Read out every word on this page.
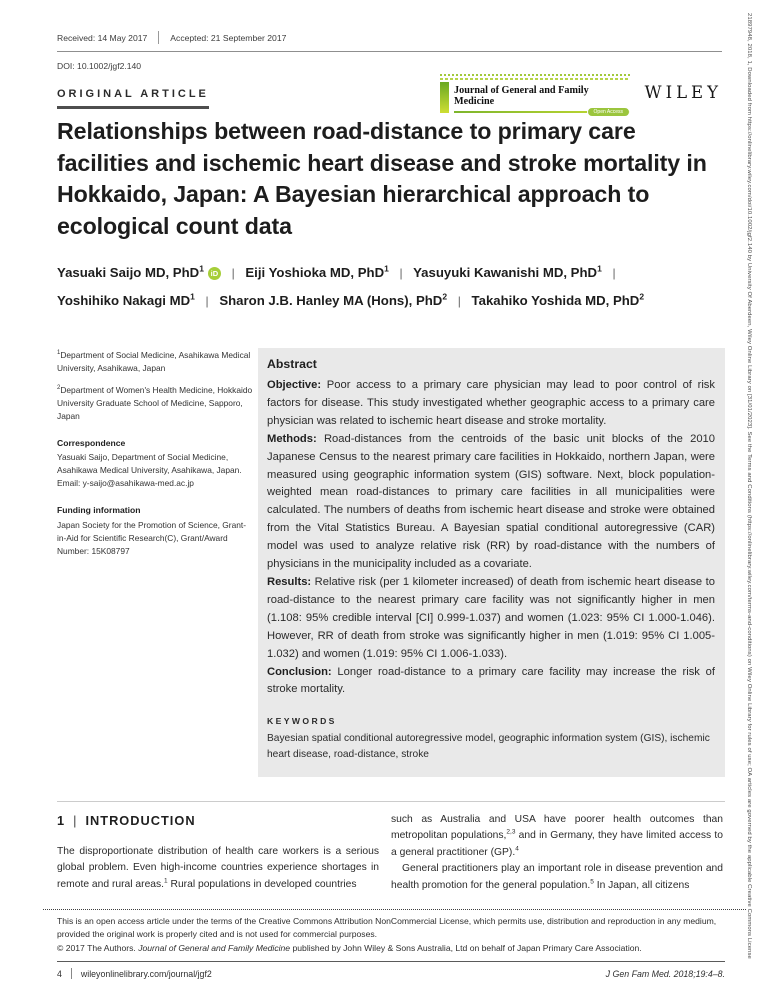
Received: 14 May 2017	Accepted: 21 September 2017
DOI: 10.1002/jgf2.140
ORIGINAL ARTICLE	Journal of General and Family Medicine
Open Access
WILEY
Relationships between road-distance to primary care facilities and ischemic heart disease and stroke mortality in Hokkaido, Japan: A Bayesian hierarchical approach to ecological count data
Yasuaki Saijo MD, PhD$^1$ iD | Eiji Yoshioka MD, PhD$^1$ | Yasuyuki Kawanishi MD, PhD$^1$ |
Yoshihiko Nakagi $MD^1$ | Sharon J.B. Hanley MA (Hons), PhD$^2$ | Takahiko Yoshida MD, PhD$^2$

$^1$Department of Social Medicine, Asahikawa Medical University, Asahikawa, Japan

$^2$Department of Women's Health Medicine, Hokkaido University Graduate School of Medicine, Sapporo, Japan

Correspondence

Yasuaki Saijo, Department of Social Medicine, Asahikawa Medical University, Asahikawa, Japan.

Email: y-saijo@asahikawa-med.ac.jp

Funding information

Japan Society for the Promotion of Science, Grant-in-Aid for Scientific Research(C), Grant/Award Number: 15K08797

Abstract

Objective: Poor access to a primary care physician may lead to poor control of risk factors for disease. This study investigated whether geographic access to a primary care physician was related to ischemic heart disease and stroke mortality.

Methods: Road-distances from the centroids of the basic unit blocks of the 2010 Japanese Census to the nearest primary care facilities in Hokkaido, northern Japan, were measured using geographic information system (GIS) software. Next, block population-weighted mean road-distances to primary care facilities in all municipalities were calculated. The numbers of deaths from ischemic heart disease and stroke were obtained from the Vital Statistics Bureau. A Bayesian spatial conditional autoregressive (CAR) model was used to analyze relative risk (RR) by road-distance with the numbers of physicians in the municipality included as a covariate.

Results: Relative risk (per 1 kilometer increased) of death from ischemic heart disease to road-distance to the nearest primary care facility was not significantly higher in men (1.108: 95% credible interval [CI] 0.999-1.037) and women (1.023: 95% CI 1.000-1.046). However, RR of death from stroke was significantly higher in men (1.019: 95% CI 1.005-1.032) and women (1.019: 95% CI 1.006-1.033).

Conclusion: Longer road-distance to a primary care facility may increase the risk of stroke mortality.

KEYWORDS
Bayesian spatial conditional autoregressive model, geographic information system (GIS), ischemic heart disease, road-distance, stroke
1 | INTRODUCTION

The disproportionate distribution of health care workers is a serious global problem. Even high-income countries experience shortages in remote and rural areas.$^1$ Rural populations in developed countries

such as Australia and USA have poorer health outcomes than metropolitan populations,$^{2,3}$ and in Germany, they have limited access to a general practitioner (GP).$^4$

General practitioners play an important role in disease prevention and health promotion for the general population.$^5$ In Japan, all citizens

This is an open access article under the terms of the Creative Commons Attribution NonCommercial License, which permits use, distribution and reproduction in any medium, provided the original work is properly cited and is not used for commercial purposes.

© 2017 The Authors. Journal of General and Family Medicine published by John Wiley & Sons Australia, Ltd on behalf of Japan Primary Care Association.

4 wileyonlinelibrary.com/journal/jgf2	J Gen Fam Med. 2018;19:4–8.
21897948, 2018, 1, Downloaded from https://onlinelibrary.wiley.com/doi/10.1002/jgf2.140 by University Of Aberdeen, Wiley Online Library on [31/01/2023]. See the Terms and Conditions (https://onlinelibrary.wiley.com/terms-and-conditions) on Wiley Online Library for rules of use; OA articles are governed by the applicable Creative Commons License
